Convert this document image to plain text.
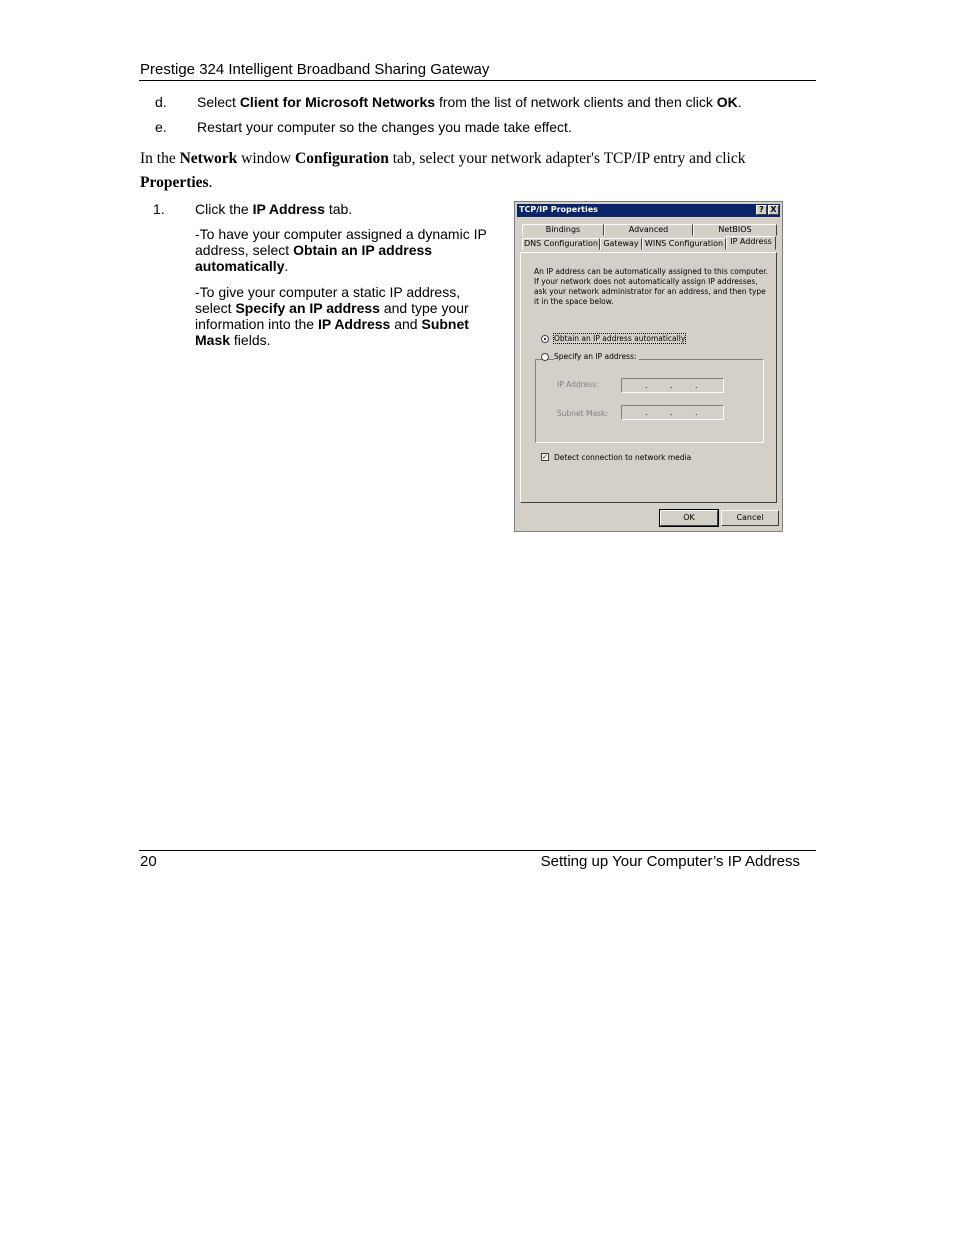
Prestige 324 Intelligent Broadband Sharing Gateway
d. Select Client for Microsoft Networks from the list of network clients and then click OK.
e. Restart your computer so the changes you made take effect.
In the Network window Configuration tab, select your network adapter's TCP/IP entry and click Properties.
1. Click the IP Address tab.
-To have your computer assigned a dynamic IP address, select Obtain an IP address automatically.
-To give your computer a static IP address, select Specify an IP address and type your information into the IP Address and Subnet Mask fields.
TCP/IP Properties	? X
Bindings	Advanced	NetBIOS
DNS Configuration Gateway WINS Configuration IP Address
An IP address can be automatically assigned to this computer. If your network does not automatically assign IP addresses, ask your network administrator for an address, and then type it in the space below.
Obtain an IP address automatically
Specify an IP address:
IP Address:	.	.	.
Subnet Mask:	.	.	.
✓ Detect connection to network media
OK	Cancel
20	Setting up Your Computer’s IP Address
